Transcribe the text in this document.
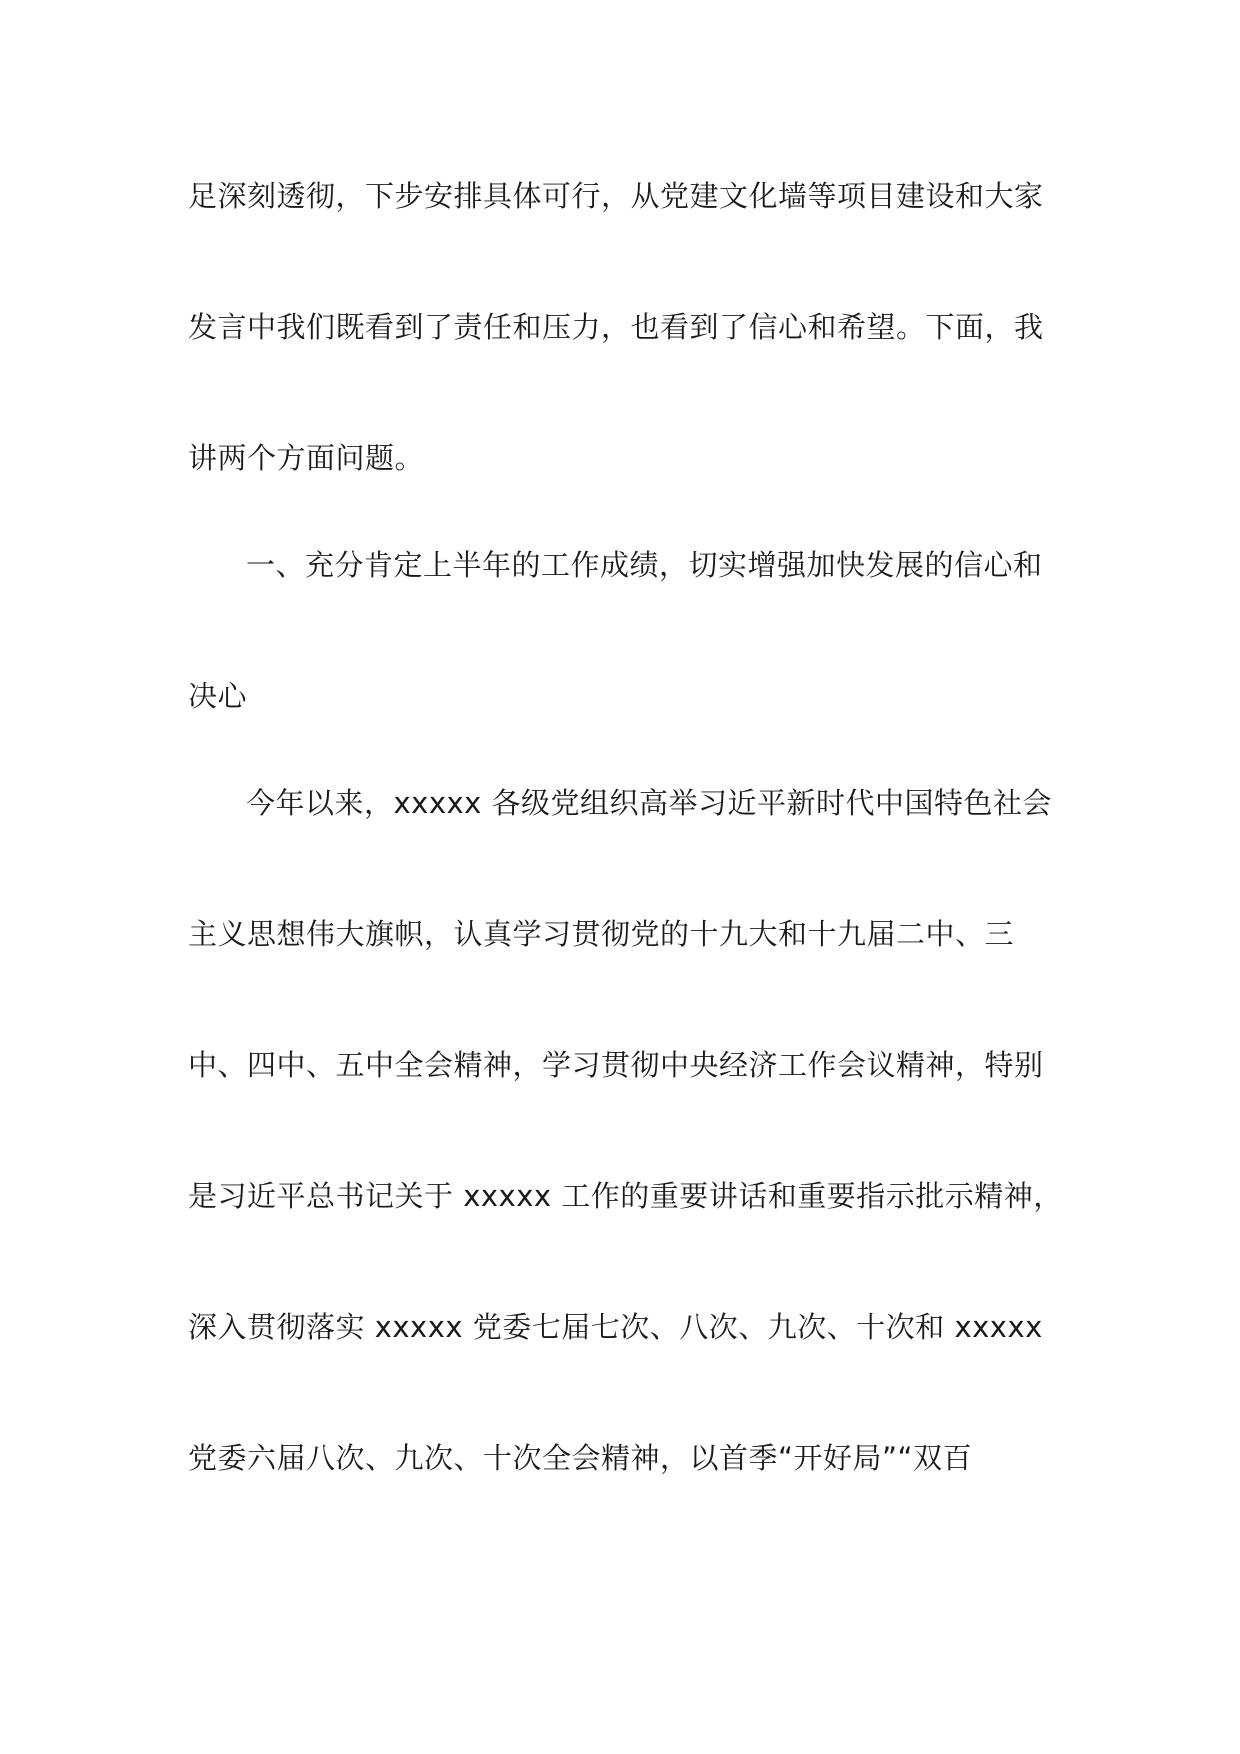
足深刻透彻，下步安排具体可行，从党建文化墙等项目建设和大家
发言中我们既看到了责任和压力，也看到了信心和希望。下面，我
讲两个方面问题。
一、充分肯定上半年的工作成绩，切实增强加快发展的信心和
决心
今年以来，xxxxx 各级党组织高举习近平新时代中国特色社会
主义思想伟大旗帜，认真学习贯彻党的十九大和十九届二中、三
中、四中、五中全会精神，学习贯彻中央经济工作会议精神，特别
是习近平总书记关于 xxxxx 工作的重要讲话和重要指示批示精神，
深入贯彻落实 xxxxx 党委七届七次、八次、九次、十次和 xxxxx
党委六届八次、九次、十次全会精神，以首季“开好局”“双百
